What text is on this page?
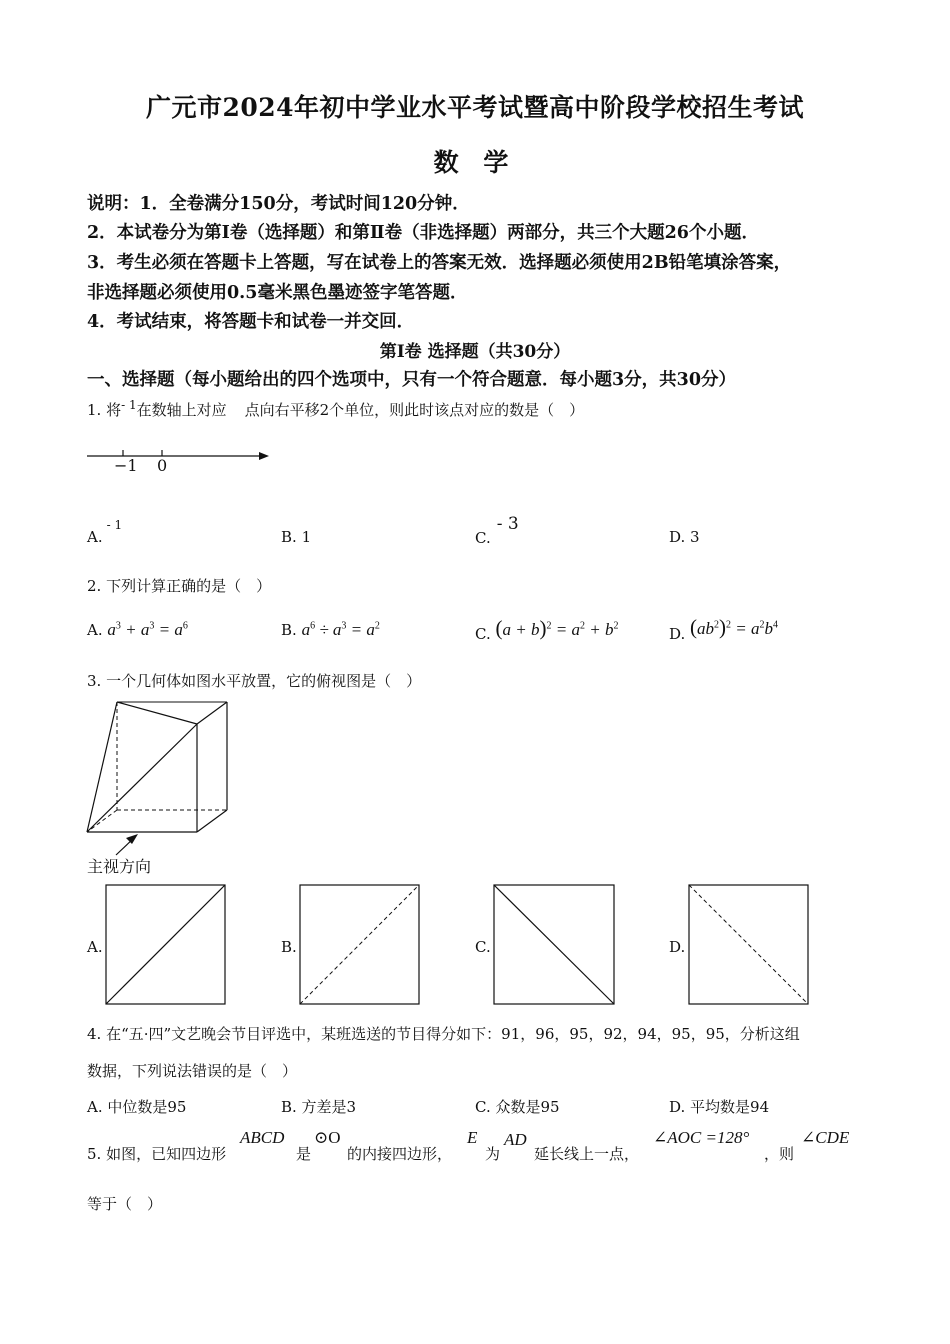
广元市2024年初中学业水平考试暨高中阶段学校招生考试
数 学
说明：1．全卷满分150分，考试时间120分钟．
2．本试卷分为第Ⅰ卷（选择题）和第Ⅱ卷（非选择题）两部分，共三个大题26个小题．
3．考生必须在答题卡上答题，写在试卷上的答案无效．选择题必须使用2B铅笔填涂答案，
非选择题必须使用0.5毫米黑色墨迹签字笔答题．
4．考试结束，将答题卡和试卷一并交回．
第Ⅰ卷 选择题（共30分）
一、选择题（每小题给出的四个选项中，只有一个符合题意．每小题3分，共30分）
1. 将$^{- 1}$在数轴上对应 点向右平移2个单位，则此时该点对应的数是（　）
−1 0
A.$^{- 1}$
B. 1	C.- 3
D. 3
2. 下列计算正确的是（　）
A. $a^3 + a^3 = a^6$	B. $a^6 \div a^3 = a^2$	C. $(a + b)^2 = a^2 + b^2$	D. $(ab^2)^2 = a^2b^4$
3. 一个几何体如图水平放置，它的俯视图是（　）
主视方向
A.	B.	C.	D.
4. 在“五·四”文艺晚会节目评选中，某班选送的节目得分如下：91，96，95，92，94，95，95，分析这组
数据，下列说法错误的是（　）
A. 中位数是95	B. 方差是3	C. 众数是95	D. 平均数是94
5. 如图，已知四边形
ABCD
是
⊙O
的内接四边形，
E
为
AD
延长线上一点，
∠AOC =128°
，则
∠CDE
等于（　）
